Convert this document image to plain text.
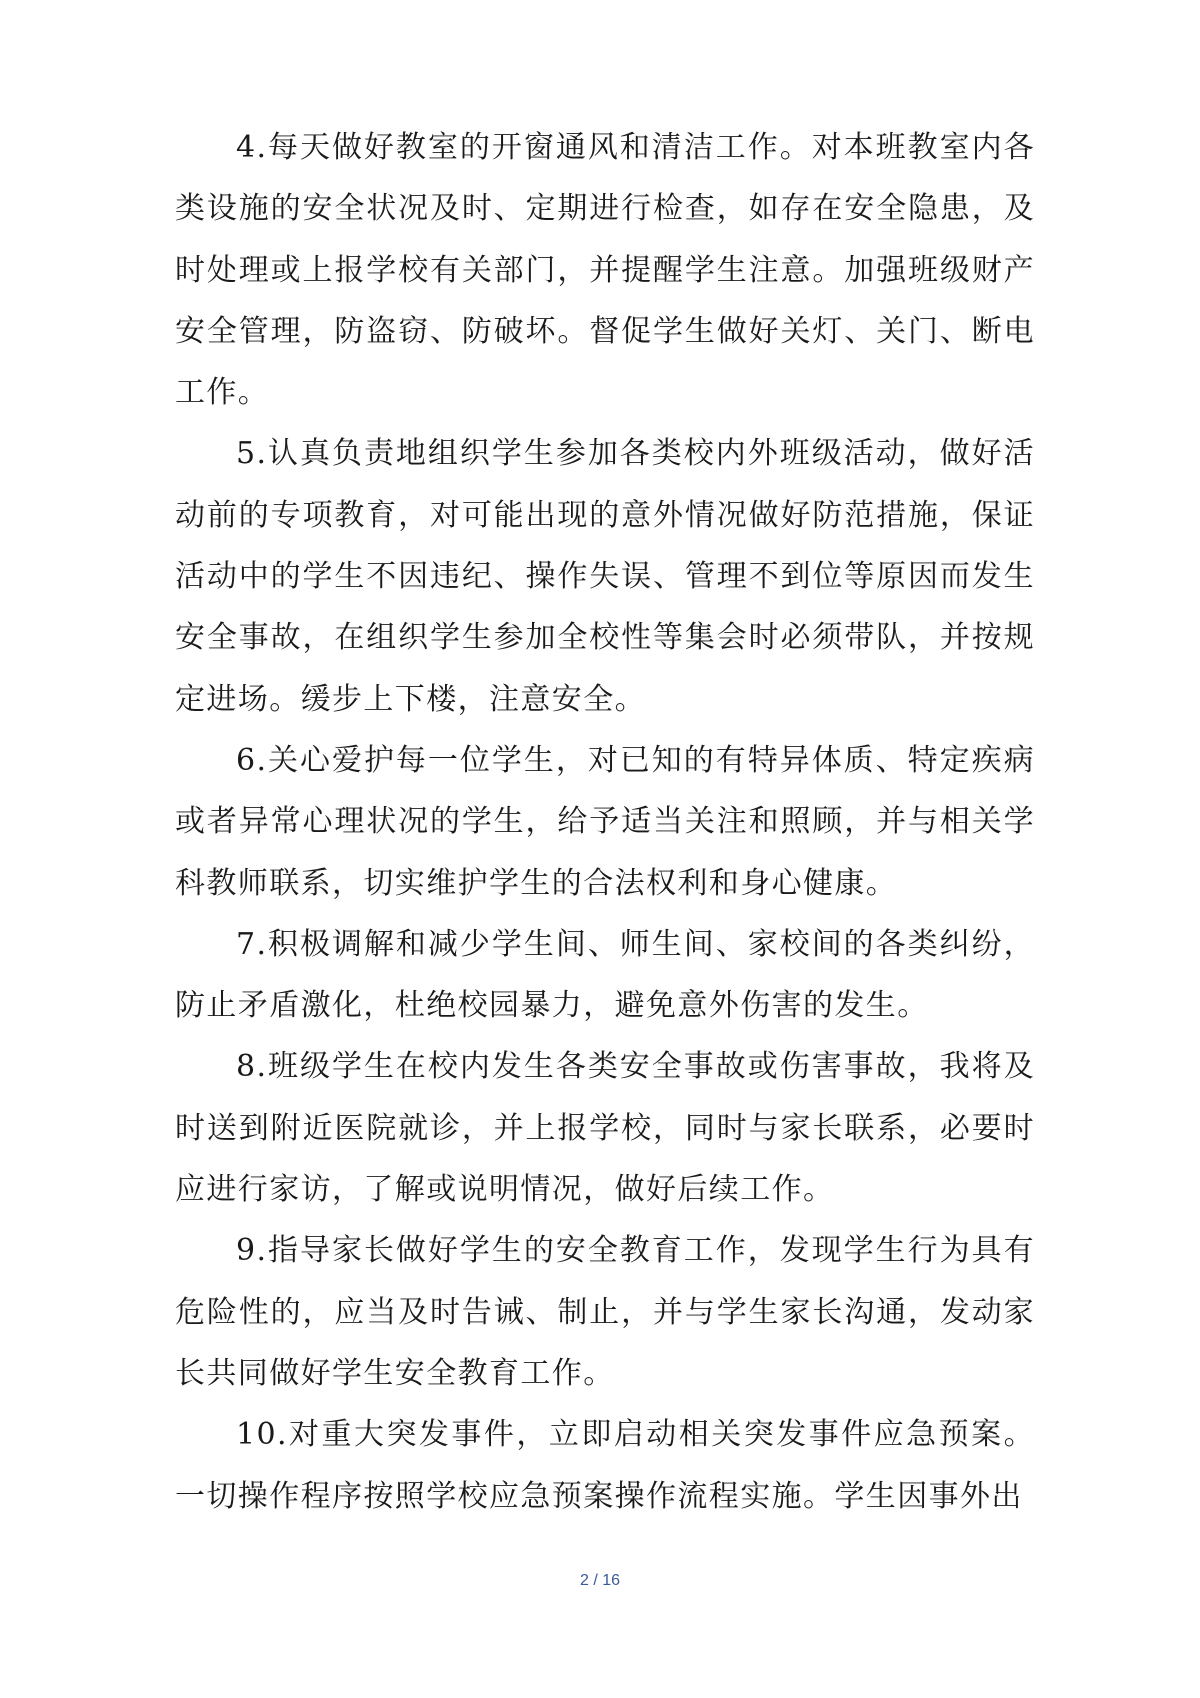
4.每天做好教室的开窗通风和清洁工作。对本班教室内各类设施的安全状况及时、定期进行检查，如存在安全隐患，及时处理或上报学校有关部门，并提醒学生注意。加强班级财产安全管理，防盗窃、防破坏。督促学生做好关灯、关门、断电工作。

5.认真负责地组织学生参加各类校内外班级活动，做好活动前的专项教育，对可能出现的意外情况做好防范措施，保证活动中的学生不因违纪、操作失误、管理不到位等原因而发生安全事故，在组织学生参加全校性等集会时必须带队，并按规定进场。缓步上下楼，注意安全。

6.关心爱护每一位学生，对已知的有特异体质、特定疾病或者异常心理状况的学生，给予适当关注和照顾，并与相关学科教师联系，切实维护学生的合法权利和身心健康。

7.积极调解和减少学生间、师生间、家校间的各类纠纷，防止矛盾激化，杜绝校园暴力，避免意外伤害的发生。

8.班级学生在校内发生各类安全事故或伤害事故，我将及时送到附近医院就诊，并上报学校，同时与家长联系，必要时应进行家访，了解或说明情况，做好后续工作。

9.指导家长做好学生的安全教育工作，发现学生行为具有危险性的，应当及时告诫、制止，并与学生家长沟通，发动家长共同做好学生安全教育工作。

10.对重大突发事件，立即启动相关突发事件应急预案。一切操作程序按照学校应急预案操作流程实施。学生因事外出

2 / 16
